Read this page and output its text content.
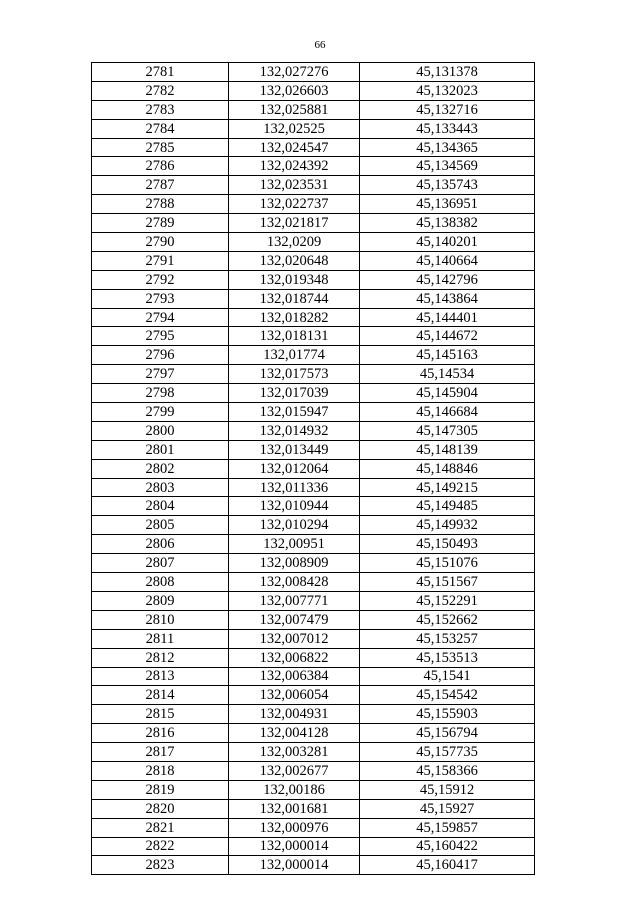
66
2781	132,027276	45,131378
2782	132,026603	45,132023
2783	132,025881	45,132716
2784	132,02525	45,133443
2785	132,024547	45,134365
2786	132,024392	45,134569
2787	132,023531	45,135743
2788	132,022737	45,136951
2789	132,021817	45,138382
2790	132,0209	45,140201
2791	132,020648	45,140664
2792	132,019348	45,142796
2793	132,018744	45,143864
2794	132,018282	45,144401
2795	132,018131	45,144672
2796	132,01774	45,145163
2797	132,017573	45,14534
2798	132,017039	45,145904
2799	132,015947	45,146684
2800	132,014932	45,147305
2801	132,013449	45,148139
2802	132,012064	45,148846
2803	132,011336	45,149215
2804	132,010944	45,149485
2805	132,010294	45,149932
2806	132,00951	45,150493
2807	132,008909	45,151076
2808	132,008428	45,151567
2809	132,007771	45,152291
2810	132,007479	45,152662
2811	132,007012	45,153257
2812	132,006822	45,153513
2813	132,006384	45,1541
2814	132,006054	45,154542
2815	132,004931	45,155903
2816	132,004128	45,156794
2817	132,003281	45,157735
2818	132,002677	45,158366
2819	132,00186	45,15912
2820	132,001681	45,15927
2821	132,000976	45,159857
2822	132,000014	45,160422
2823	132,000014	45,160417
